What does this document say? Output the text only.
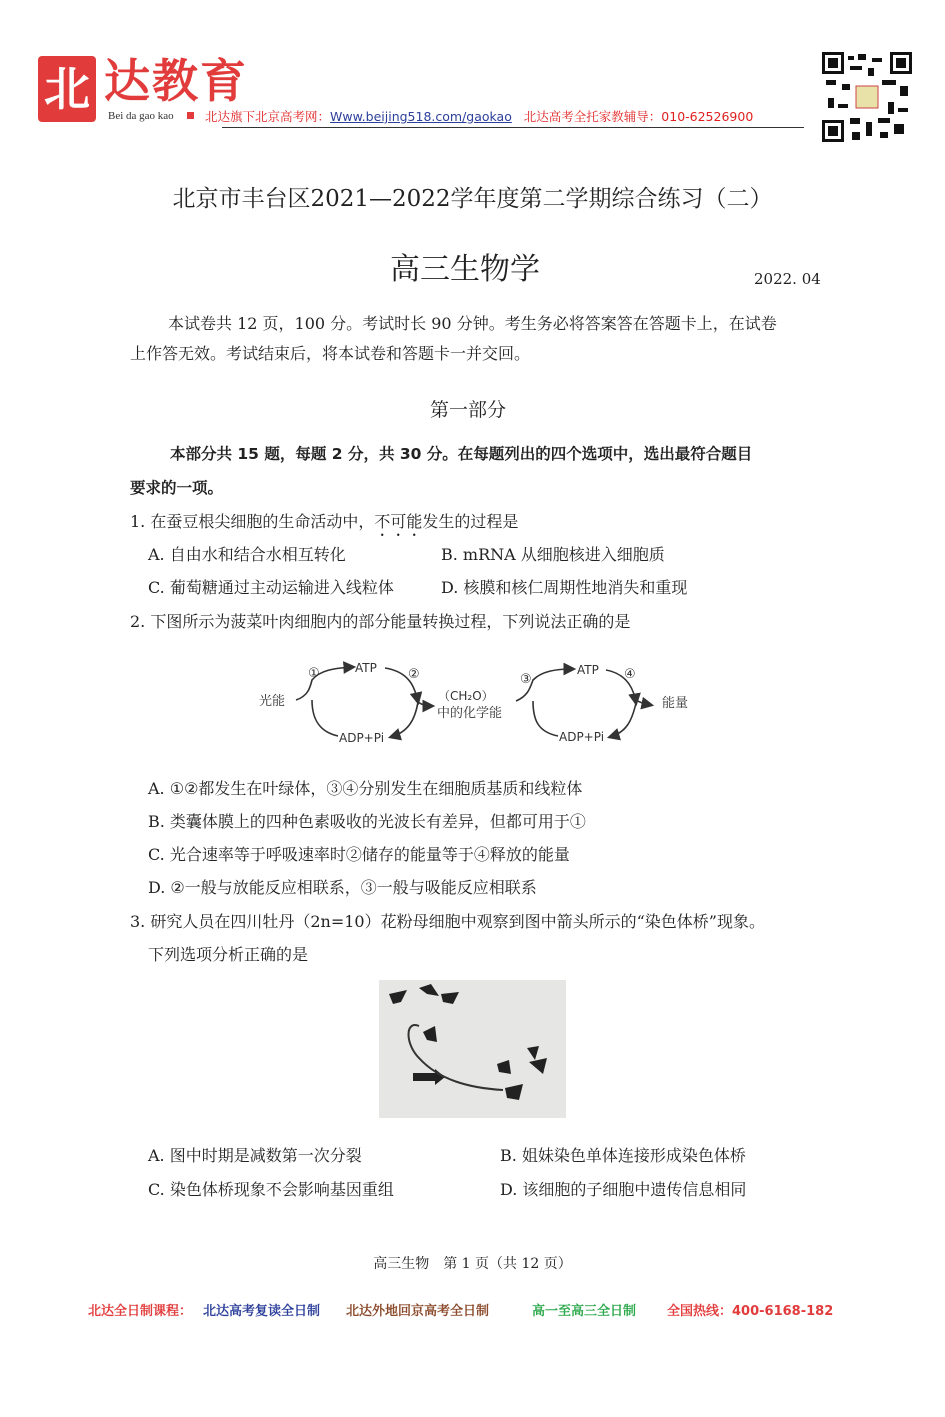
北 达教育
Bei da gao kao	北达旗下北京高考网：Www.beijing518.com/gaokao 北达高考全托家教辅导：010-62526900
北京市丰台区2021—2022学年度第二学期综合练习（二）
高三生物学	2022. 04
本试卷共 12 页，100 分。考试时长 90 分钟。考生务必将答案答在答题卡上，在试卷
上作答无效。考试结束后，将本试卷和答题卡一并交回。
第一部分
本部分共 15 题，每题 2 分，共 30 分。在每题列出的四个选项中，选出最符合题目
要求的一项。
1. 在蚕豆根尖细胞的生命活动中，不可能发生的过程是
A. 自由水和结合水相互转化	B. mRNA 从细胞核进入细胞质
C. 葡萄糖通过主动运输进入线粒体	D. 核膜和核仁周期性地消失和重现
2. 下图所示为菠菜叶肉细胞内的部分能量转换过程，下列说法正确的是
光能
①	ATP ②
ADP+Pi
（CH₂O）
中的化学能
③
ATP ④
ADP+Pi
能量
A. ①②都发生在叶绿体，③④分别发生在细胞质基质和线粒体
B. 类囊体膜上的四种色素吸收的光波长有差异，但都可用于①
C. 光合速率等于呼吸速率时②储存的能量等于④释放的能量
D. ②一般与放能反应相联系，③一般与吸能反应相联系
3. 研究人员在四川牡丹（2n=10）花粉母细胞中观察到图中箭头所示的“染色体桥”现象。
下列选项分析正确的是
A. 图中时期是减数第一次分裂	B. 姐妹染色单体连接形成染色体桥
C. 染色体桥现象不会影响基因重组	D. 该细胞的子细胞中遗传信息相同
高三生物　第 1 页（共 12 页）
北达全日制课程： 北达高考复读全日制 北达外地回京高考全日制	高一至高三全日制 全国热线：400-6168-182
